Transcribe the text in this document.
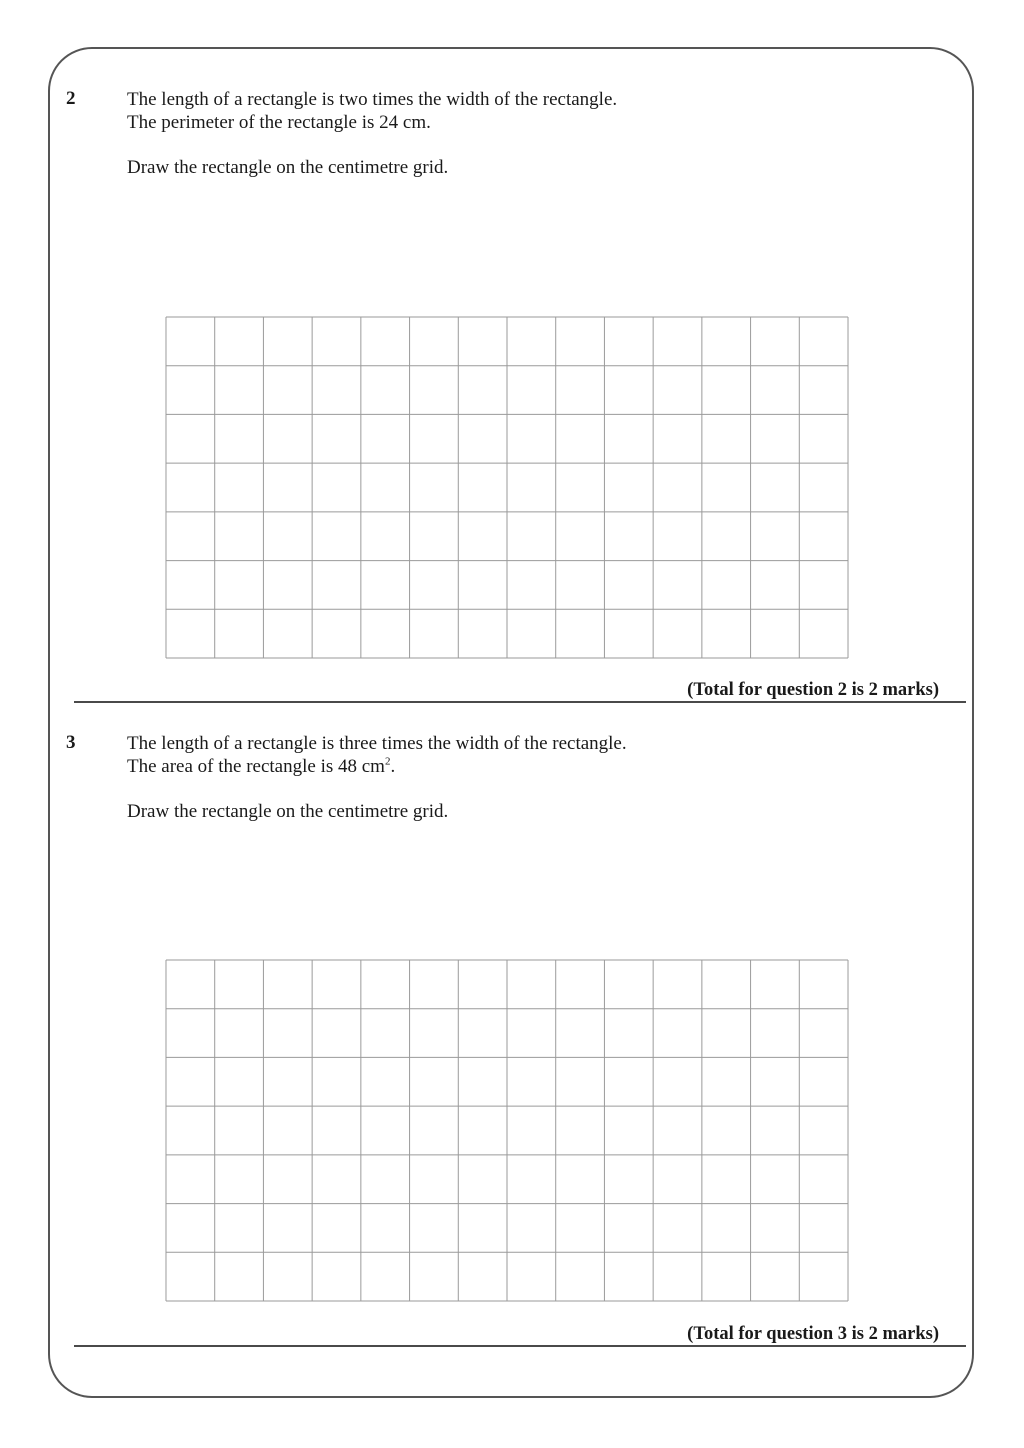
2	The length of a rectangle is two times the width of the rectangle.

The perimeter of the rectangle is 24 cm.

Draw the rectangle on the centimetre grid.

(Total for question 2 is 2 marks)
3	The length of a rectangle is three times the width of the rectangle.

The area of the rectangle is 48 $cm^2$.

Draw the rectangle on the centimetre grid.

(Total for question 3 is 2 marks)
